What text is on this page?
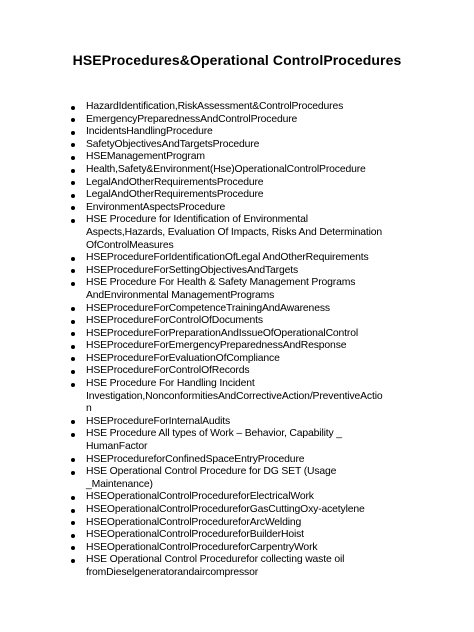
HSEProcedures&Operational ControlProcedures
HazardIdentification,RiskAssessment&ControlProcedures
EmergencyPreparednessAndControlProcedure
IncidentsHandlingProcedure
SafetyObjectivesAndTargetsProcedure
HSEManagementProgram
Health,Safety&Environment(Hse)OperationalControlProcedure
LegalAndOtherRequirementsProcedure
LegalAndOtherRequirementsProcedure
EnvironmentAspectsProcedure
HSE Procedure for Identification of Environmental Aspects,Hazards, Evaluation Of Impacts, Risks And Determination OfControlMeasures
HSEProcedureForIdentificationOfLegal AndOtherRequirements
HSEProcedureForSettingObjectivesAndTargets
HSE Procedure For Health & Safety Management Programs AndEnvironmental ManagementPrograms
HSEProcedureForCompetenceTrainingAndAwareness
HSEProcedureForControlOfDocuments
HSEProcedureForPreparationAndIssueOfOperationalControl
HSEProcedureForEmergencyPreparednessAndResponse
HSEProcedureForEvaluationOfCompliance
HSEProcedureForControlOfRecords
HSE Procedure For Handling Incident Investigation,NonconformitiesAndCorrectiveAction/PreventiveAction
HSEProcedureForInternalAudits
HSE Procedure All types of Work – Behavior, Capability _ HumanFactor
HSEProcedureforConfinedSpaceEntryProcedure
HSE Operational Control Procedure for DG SET (Usage _Maintenance)
HSEOperationalControlProcedureforElectricalWork
HSEOperationalControlProcedureforGasCuttingOxy-acetylene
HSEOperationalControlProcedureforArcWelding
HSEOperationalControlProcedureforBuilderHoist
HSEOperationalControlProcedureforCarpentryWork
HSE Operational Control Procedurefor collecting waste oil fromDieselgeneratorandaircompressor
